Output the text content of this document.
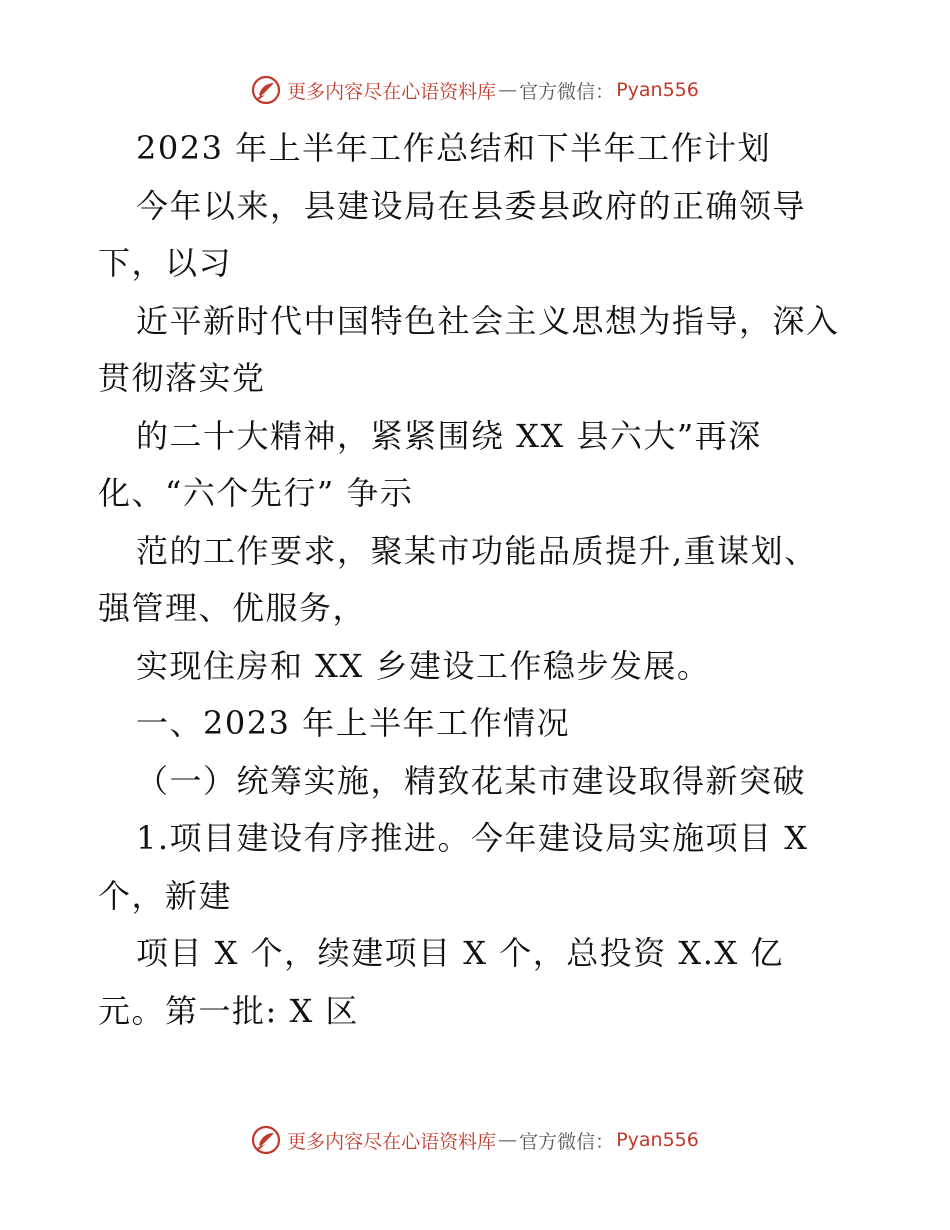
更多内容尽在心语资料库 — 官方微信： Pyan556
2023 年上半年工作总结和下半年工作计划
今年以来，县建设局在县委县政府的正确领导
下，以习
近平新时代中国特色社会主义思想为指导，深入
贯彻落实党
的二十大精神，紧紧围绕 XX 县六大”再深
化、“六个先行” 争示
范的工作要求，聚某市功能品质提升,重谋划、
强管理、优服务，
实现住房和 XX 乡建设工作稳步发展。
一、2023 年上半年工作情况
（一）统筹实施，精致花某市建设取得新突破
1.项目建设有序推进。今年建设局实施项目 X
个，新建
项目 X 个，续建项目 X 个，总投资 X.X 亿
元。第一批: X 区
更多内容尽在心语资料库 — 官方微信： Pyan556
